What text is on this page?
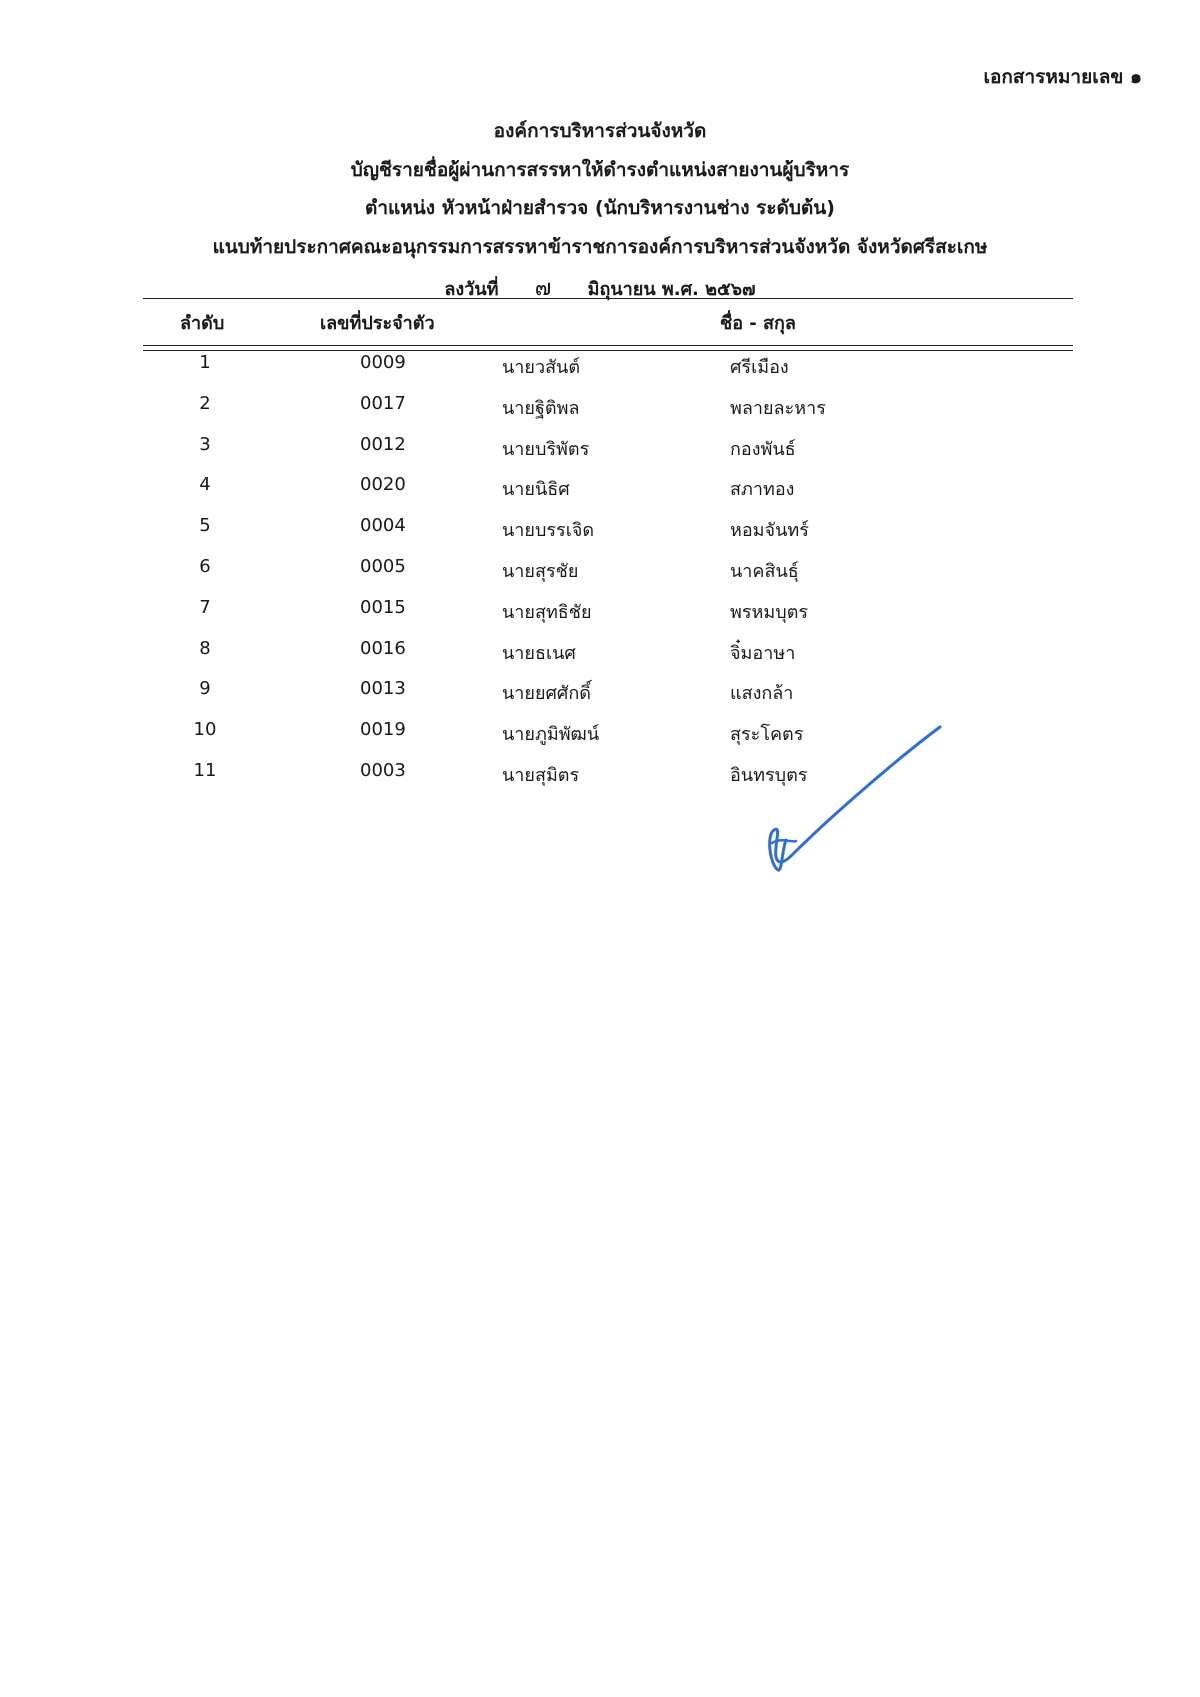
เอกสารหมายเลข ๑
องค์การบริหารส่วนจังหวัด
บัญชีรายชื่อผู้ผ่านการสรรหาให้ดำรงตำแหน่งสายงานผู้บริหาร
ตำแหน่ง หัวหน้าฝ่ายสำรวจ (นักบริหารงานช่าง ระดับต้น)
แนบท้ายประกาศคณะอนุกรรมการสรรหาข้าราชการองค์การบริหารส่วนจังหวัด จังหวัดศรีสะเกษ
ลงวันที่ ๗ มิถุนายน พ.ศ. ๒๕๖๗
ลำดับ	เลขที่ประจำตัว	ชื่อ - สกุล
1	0009	นายวสันต์	ศรีเมือง
2	0017	นายฐิติพล	พลายละหาร
3	0012	นายบริพัตร	กองพันธ์
4	0020	นายนิธิศ	สภาทอง
5	0004	นายบรรเจิด	หอมจันทร์
6	0005	นายสุรชัย	นาคสินธุ์
7	0015	นายสุทธิชัย	พรหมบุตร
8	0016	นายธเนศ	จิ๋มอาษา
9	0013	นายยศศักดิ์	แสงกล้า
10	0019	นายภูมิพัฒน์	สุระโคตร
11	0003	นายสุมิตร	อินทรบุตร
